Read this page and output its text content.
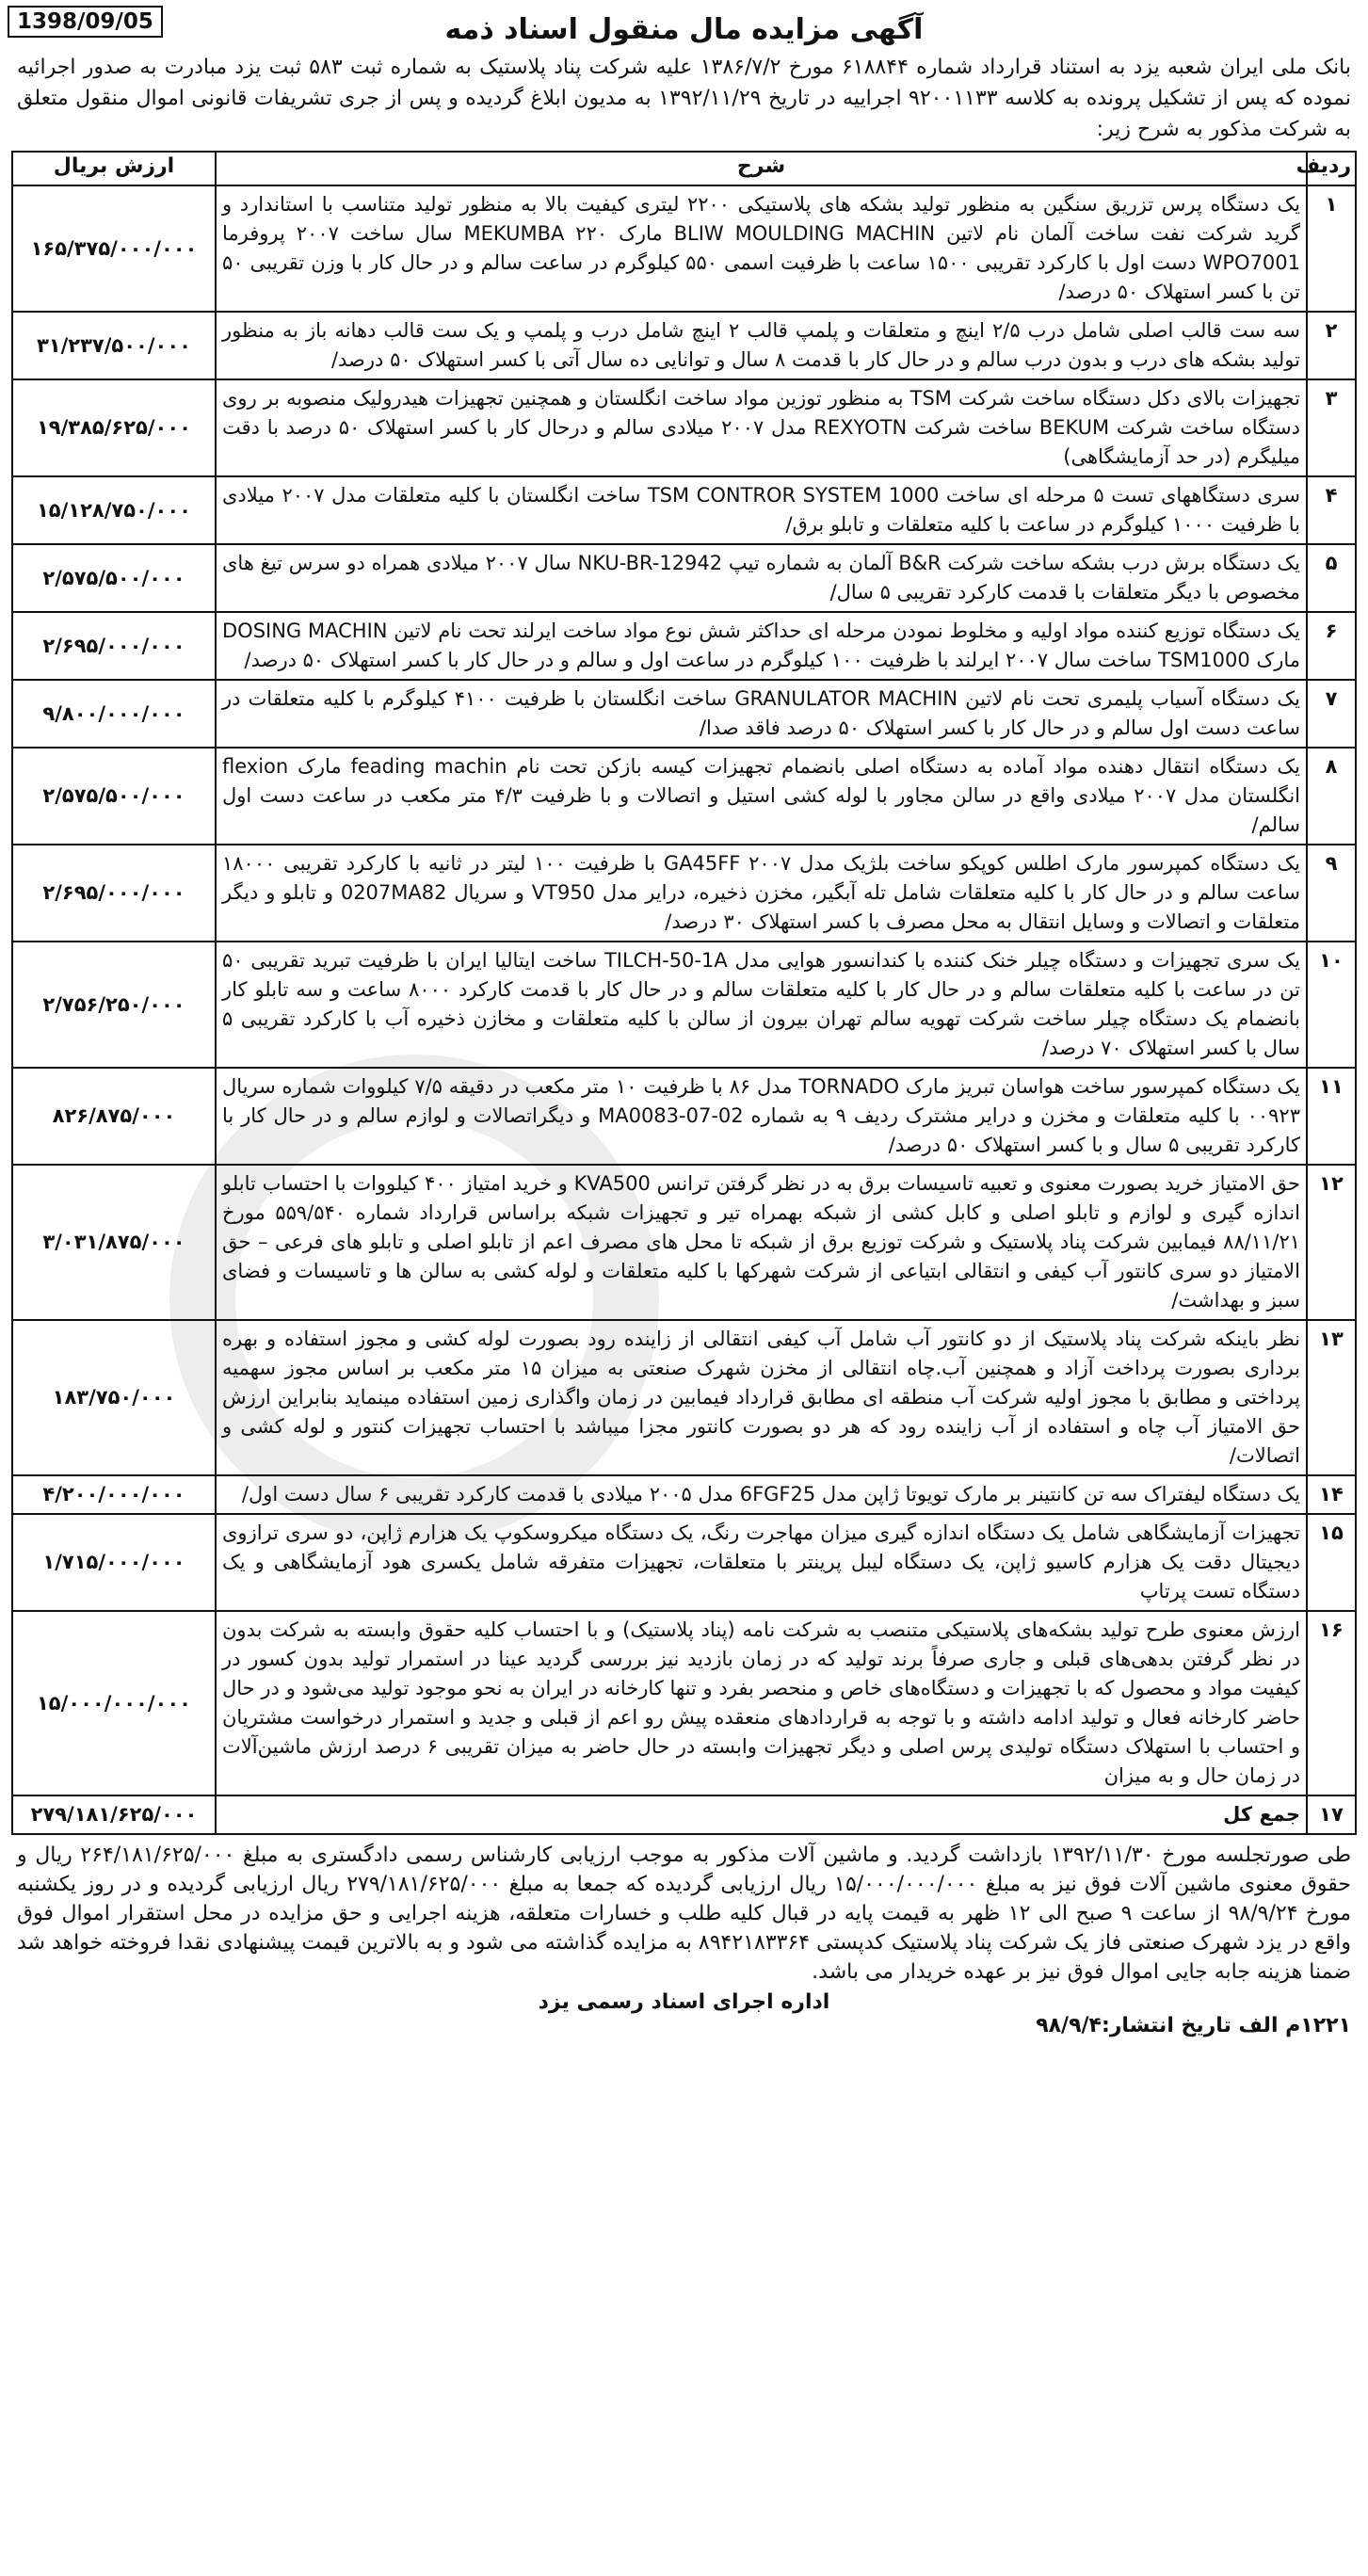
1398/09/05	آگهی مزایده مال منقول اسناد ذمه
بانک ملی ایران شعبه یزد به استناد قرارداد شماره ۶۱۸۸۴۴ مورخ ۱۳۸۶/۷/۲ علیه شرکت پناد پلاستیک به شماره ثبت ۵۸۳ ثبت یزد مبادرت به صدور اجرائیه نموده که پس از تشکیل پرونده به کلاسه ۹۲۰۰۱۱۳۳ اجراییه در تاریخ ۱۳۹۲/۱۱/۲۹ به مدیون ابلاغ گردیده و پس از جری تشریفات قانونی اموال منقول متعلق به شرکت مذکور به شرح زیر:
ردیف	شرح	ارزش بریال
۱	یک دستگاه پرس تزریق سنگین به منظور تولید بشکه های پلاستیکی ۲۲۰۰ لیتری کیفیت بالا به منظور تولید متناسب با استاندارد و گرید شرکت نفت ساخت آلمان نام لاتین BLIW MOULDING MACHIN مارک MEKUMBA ۲۲۰ سال ساخت ۲۰۰۷ پروفرما WPO7001 دست اول با کارکرد تقریبی ۱۵۰۰ ساعت با ظرفیت اسمی ۵۵۰ کیلوگرم در ساعت سالم و در حال کار با وزن تقریبی ۵۰ تن با کسر استهلاک ۵۰ درصد/	۱۶۵/۳۷۵/۰۰۰/۰۰۰
۲	سه ست قالب اصلی شامل درب ۲/۵ اینچ و متعلقات و پلمپ قالب ۲ اینچ شامل درب و پلمپ و یک ست قالب دهانه باز به منظور تولید بشکه های درب و بدون درب سالم و در حال کار با قدمت ۸ سال و توانایی ده سال آتی با کسر استهلاک ۵۰ درصد/	۳۱/۲۳۷/۵۰۰/۰۰۰
۳	تجهیزات بالای دکل دستگاه ساخت شرکت TSM به منظور توزین مواد ساخت انگلستان و همچنین تجهیزات هیدرولیک منصوبه بر روی دستگاه ساخت شرکت BEKUM ساخت شرکت REXYOTN مدل ۲۰۰۷ میلادی سالم و درحال کار با کسر استهلاک ۵۰ درصد با دقت میلیگرم (در حد آزمایشگاهی)	۱۹/۳۸۵/۶۲۵/۰۰۰
۴	سری دستگاههای تست ۵ مرحله ای ساخت TSM CONTROR SYSTEM 1000 ساخت انگلستان با کلیه متعلقات مدل ۲۰۰۷ میلادی با ظرفیت ۱۰۰۰ کیلوگرم در ساعت با کلیه متعلقات و تابلو برق/	۱۵/۱۲۸/۷۵۰/۰۰۰
۵	یک دستگاه برش درب بشکه ساخت شرکت B&R آلمان به شماره تیپ NKU-BR-12942 سال ۲۰۰۷ میلادی همراه دو سرس تیغ های مخصوص با دیگر متعلقات با قدمت کارکرد تقریبی ۵ سال/	۲/۵۷۵/۵۰۰/۰۰۰
۶	یک دستگاه توزیع کننده مواد اولیه و مخلوط نمودن مرحله ای حداکثر شش نوع مواد ساخت ایرلند تحت نام لاتین DOSING MACHIN مارک TSM1000 ساخت سال ۲۰۰۷ ایرلند با ظرفیت ۱۰۰ کیلوگرم در ساعت اول و سالم و در حال کار با کسر استهلاک ۵۰ درصد/	۲/۶۹۵/۰۰۰/۰۰۰
۷	یک دستگاه آسیاب پلیمری تحت نام لاتین GRANULATOR MACHIN ساخت انگلستان با ظرفیت ۴۱۰۰ کیلوگرم با کلیه متعلقات در ساعت دست اول سالم و در حال کار با کسر استهلاک ۵۰ درصد فاقد صدا/	۹/۸۰۰/۰۰۰/۰۰۰
۸	یک دستگاه انتقال دهنده مواد آماده به دستگاه اصلی بانضمام تجهیزات کیسه بازکن تحت نام feading machin مارک flexion انگلستان مدل ۲۰۰۷ میلادی واقع در سالن مجاور با لوله کشی استیل و اتصالات و با ظرفیت ۴/۳ متر مکعب در ساعت دست اول سالم/	۲/۵۷۵/۵۰۰/۰۰۰
۹	یک دستگاه کمپرسور مارک اطلس کوپکو ساخت بلژیک مدل ۲۰۰۷ GA45FF با ظرفیت ۱۰۰ لیتر در ثانیه با کارکرد تقریبی ۱۸۰۰۰ ساعت سالم و در حال کار با کلیه متعلقات شامل تله آبگیر، مخزن ذخیره، درایر مدل VT950 و سریال 0207MA82 و تابلو و دیگر متعلقات و اتصالات و وسایل انتقال به محل مصرف با کسر استهلاک ۳۰ درصد/	۲/۶۹۵/۰۰۰/۰۰۰
۱۰	یک سری تجهیزات و دستگاه چیلر خنک کننده با کندانسور هوایی مدل TILCH-50-1A ساخت ایتالیا ایران با ظرفیت تبرید تقریبی ۵۰ تن در ساعت با کلیه متعلقات سالم و در حال کار با کلیه متعلقات سالم و در حال کار با قدمت کارکرد ۸۰۰۰ ساعت و سه تابلو کار بانضمام یک دستگاه چیلر ساخت شرکت تهویه سالم تهران بیرون از سالن با کلیه متعلقات و مخازن ذخیره آب با کارکرد تقریبی ۵ سال با کسر استهلاک ۷۰ درصد/	۲/۷۵۶/۲۵۰/۰۰۰
۱۱	یک دستگاه کمپرسور ساخت هواسان تبریز مارک TORNADO مدل ۸۶ با ظرفیت ۱۰ متر مکعب در دقیقه ۷/۵ کیلووات شماره سریال ۰۰۹۲۳ با کلیه متعلقات و مخزن و درایر مشترک ردیف ۹ به شماره 02-07-MA0083 و دیگراتصالات و لوازم سالم و در حال کار با کارکرد تقریبی ۵ سال و با کسر استهلاک ۵۰ درصد/	۸۲۶/۸۷۵/۰۰۰
۱۲	حق الامتیاز خرید بصورت معنوی و تعبیه تاسیسات برق به در نظر گرفتن ترانس KVA500 و خرید امتیاز ۴۰۰ کیلووات با احتساب تابلو اندازه گیری و لوازم و تابلو اصلی و کابل کشی از شبکه بهمراه تیر و تجهیزات شبکه براساس قرارداد شماره ۵۵۹/۵۴۰ مورخ ۸۸/۱۱/۲۱ فیمابین شرکت پناد پلاستیک و شرکت توزیع برق از شبکه تا محل های مصرف اعم از تابلو اصلی و تابلو های فرعی – حق الامتیاز دو سری کانتور آب کیفی و انتقالی ابتیاعی از شرکت شهرکها با کلیه متعلقات و لوله کشی به سالن ها و تاسیسات و فضای سبز و بهداشت/	۳/۰۳۱/۸۷۵/۰۰۰
۱۳	نظر باینکه شرکت پناد پلاستیک از دو کانتور آب شامل آب کیفی انتقالی از زاینده رود بصورت لوله کشی و مجوز استفاده و بهره برداری بصورت پرداخت آزاد و همچنین آب.چاه انتقالی از مخزن شهرک صنعتی به میزان ۱۵ متر مکعب بر اساس مجوز سهمیه پرداختی و مطابق با مجوز اولیه شرکت آب منطقه ای مطابق قرارداد فیمابین در زمان واگذاری زمین استفاده مینماید بنابراین ارزش حق الامتیاز آب چاه و استفاده از آب زاینده رود که هر دو بصورت کانتور مجزا میباشد با احتساب تجهیزات کنتور و لوله کشی و اتصالات/	۱۸۳/۷۵۰/۰۰۰
۱۴	یک دستگاه لیفتراک سه تن کانتینر بر مارک تویوتا ژاپن مدل 6FGF25 مدل ۲۰۰۵ میلادی با قدمت کارکرد تقریبی ۶ سال دست اول/	۴/۲۰۰/۰۰۰/۰۰۰
۱۵	تجهیزات آزمایشگاهی شامل یک دستگاه اندازه گیری میزان مهاجرت رنگ، یک دستگاه میکروسکوپ یک هزارم ژاپن، دو سری ترازوی دیجیتال دقت یک هزارم کاسیو ژاپن، یک دستگاه لیبل پرینتر با متعلقات، تجهیزات متفرقه شامل یکسری هود آزمایشگاهی و یک دستگاه تست پرتاپ	۱/۷۱۵/۰۰۰/۰۰۰
۱۶	ارزش معنوی طرح تولید بشکه‌های پلاستیکی متنصب به شرکت نامه (پناد پلاستیک) و با احتساب کلیه حقوق وابسته به شرکت بدون در نظر گرفتن بدهی‌های قبلی و جاری صرفاً برند تولید که در زمان بازدید نیز بررسی گردید عینا در استمرار تولید بدون کسور در کیفیت مواد و محصول که با تجهیزات و دستگاه‌های خاص و منحصر بفرد و تنها کارخانه در ایران به نحو موجود تولید می‌شود و در حال حاضر کارخانه فعال و تولید ادامه داشته و با توجه به قراردادهای منعقده پیش رو اعم از قبلی و جدید و استمرار درخواست مشتریان و احتساب با استهلاک دستگاه تولیدی پرس اصلی و دیگر تجهیزات وابسته در حال حاضر به میزان تقریبی ۶ درصد ارزش ماشین‌آلات در زمان حال و به میزان	۱۵/۰۰۰/۰۰۰/۰۰۰
۱۷	جمع کل	۲۷۹/۱۸۱/۶۲۵/۰۰۰
طی صورتجلسه مورخ ۱۳۹۲/۱۱/۳۰ بازداشت گردید. و ماشین آلات مذکور به موجب ارزیابی کارشناس رسمی دادگستری به مبلغ ۲۶۴/۱۸۱/۶۲۵/۰۰۰ ریال و حقوق معنوی ماشین آلات فوق نیز به مبلغ ۱۵/۰۰۰/۰۰۰/۰۰۰ ریال ارزیابی گردیده که جمعا به مبلغ ۲۷۹/۱۸۱/۶۲۵/۰۰۰ ریال ارزیابی گردیده و در روز یکشنبه مورخ ۹۸/۹/۲۴ از ساعت ۹ صبح الی ۱۲ ظهر به قیمت پایه در قبال کلیه طلب و خسارات متعلقه، هزینه اجرایی و حق مزایده در محل استقرار اموال فوق واقع در یزد شهرک صنعتی فاز یک شرکت پناد پلاستیک کدپستی ۸۹۴۲۱۸۳۳۶۴ به مزایده گذاشته می شود و به بالاترین قیمت پیشنهادی نقدا فروخته خواهد شد ضمنا هزینه جابه جایی اموال فوق نیز بر عهده خریدار می باشد.
اداره اجرای اسناد رسمی یزد
۱۲۲۱م الف تاریخ انتشار:۹۸/۹/۴
